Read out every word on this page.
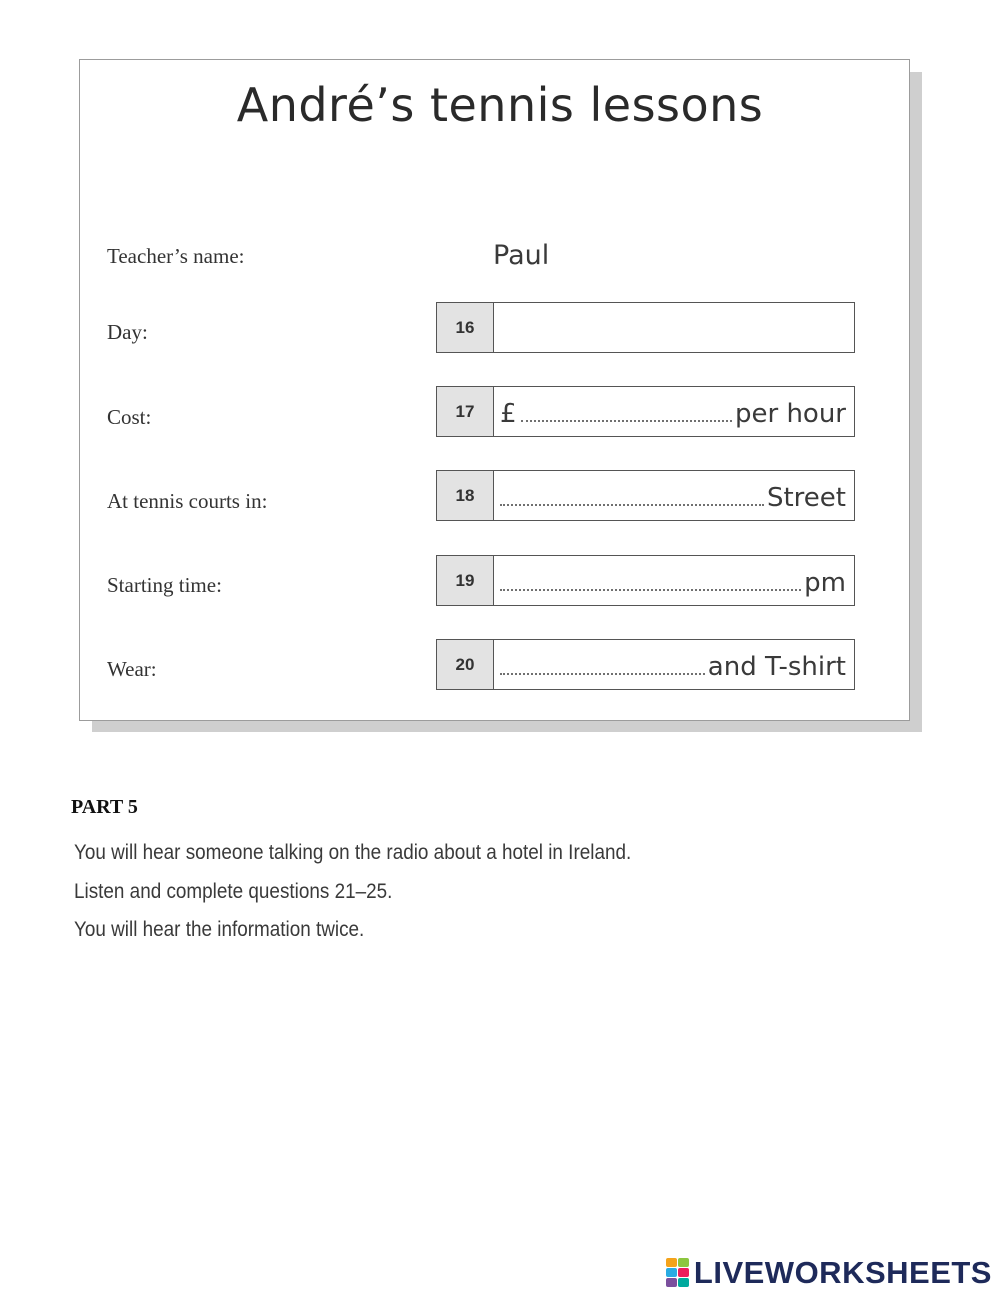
André’s tennis lessons
Teacher’s name:	Paul
Day:	16
Cost:	17 £	per hour
At tennis courts in:	18	Street
Starting time:	19	pm
Wear:	20	and T-shirt
PART 5
You will hear someone talking on the radio about a hotel in Ireland.
Listen and complete questions 21–25.
You will hear the information twice.
LIVEWORKSHEETS
